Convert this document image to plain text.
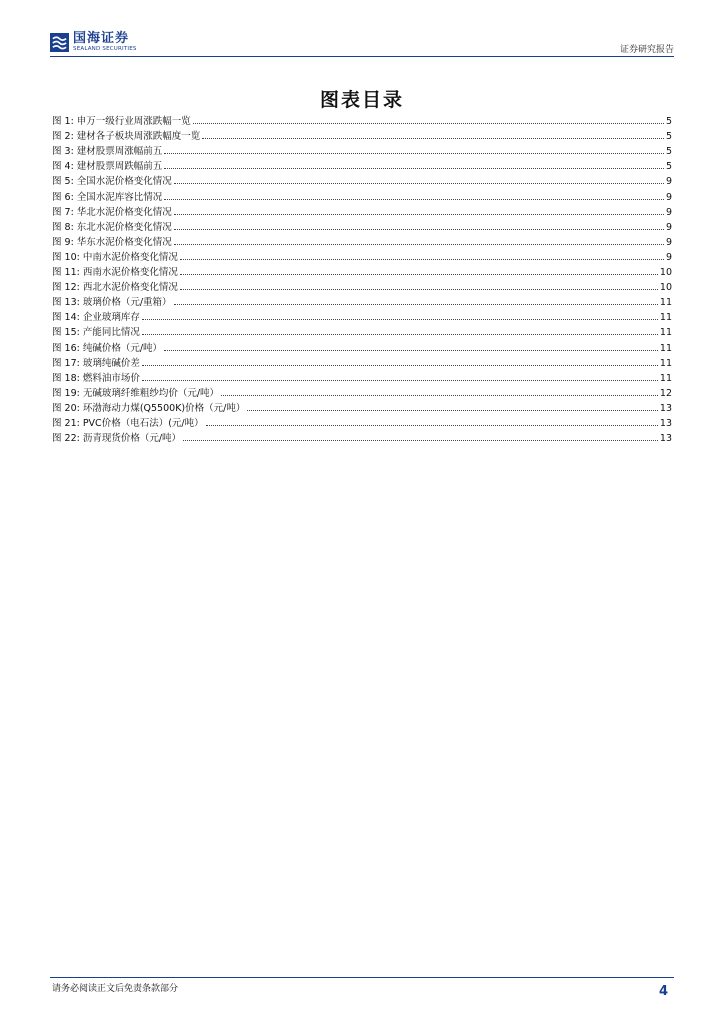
国海证券
SEALAND SECURITIES	证券研究报告
图表目录
图 1: 申万一级行业周涨跌幅一览	5
图 2: 建材各子板块周涨跌幅度一览	5
图 3: 建材股票周涨幅前五	5
图 4: 建材股票周跌幅前五	5
图 5: 全国水泥价格变化情况	9
图 6: 全国水泥库容比情况	9
图 7: 华北水泥价格变化情况	9
图 8: 东北水泥价格变化情况	9
图 9: 华东水泥价格变化情况	9
图 10: 中南水泥价格变化情况	9
图 11: 西南水泥价格变化情况	10
图 12: 西北水泥价格变化情况	10
图 13: 玻璃价格（元/重箱）	11
图 14: 企业玻璃库存	11
图 15: 产能同比情况	11
图 16: 纯碱价格（元/吨）	11
图 17: 玻璃纯碱价差	11
图 18: 燃料油市场价	11
图 19: 无碱玻璃纤维粗纱均价（元/吨）	12
图 20: 环渤海动力煤(Q5500K)价格（元/吨）	13
图 21: PVC价格（电石法）(元/吨）	13
图 22: 沥青现货价格（元/吨）	13
请务必阅读正文后免责条款部分	4
